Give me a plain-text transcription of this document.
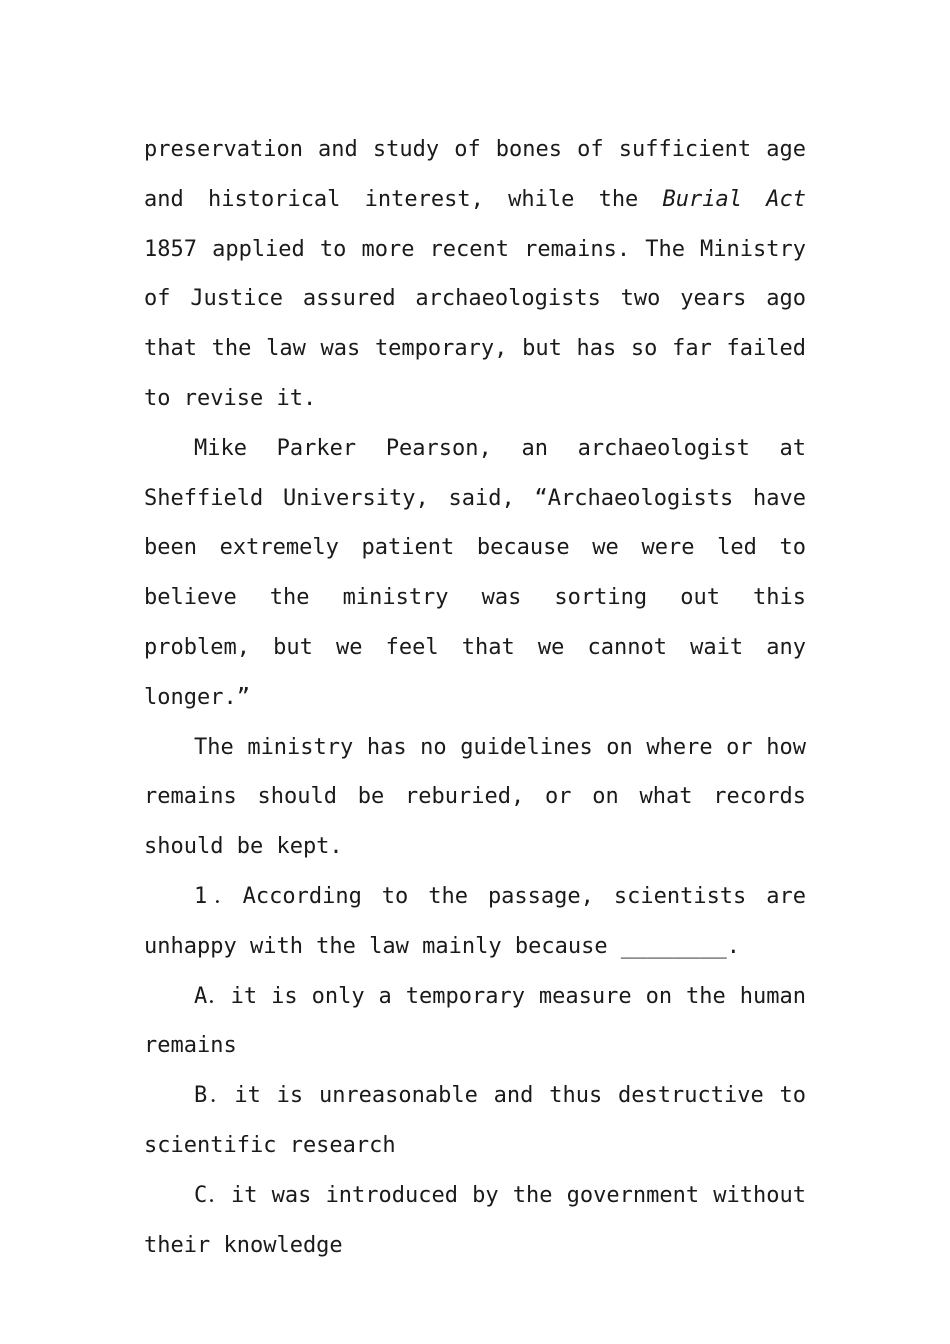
preservation and study of bones of sufficient age and historical interest, while the Burial Act 1857 applied to more recent remains. The Ministry of Justice assured archaeologists two years ago that the law was temporary, but has so far failed to revise it.

Mike Parker Pearson, an archaeologist at Sheffield University, said, “Archaeologists have been extremely patient because we were led to believe the ministry was sorting out this problem, but we feel that we cannot wait any longer.”

The ministry has no guidelines on where or how remains should be reburied, or on what records should be kept.

1．According to the passage, scientists are unhappy with the law mainly because ________.

A．it is only a temporary measure on the human remains

B．it is unreasonable and thus destructive to scientific research

C．it was introduced by the government without their knowledge
